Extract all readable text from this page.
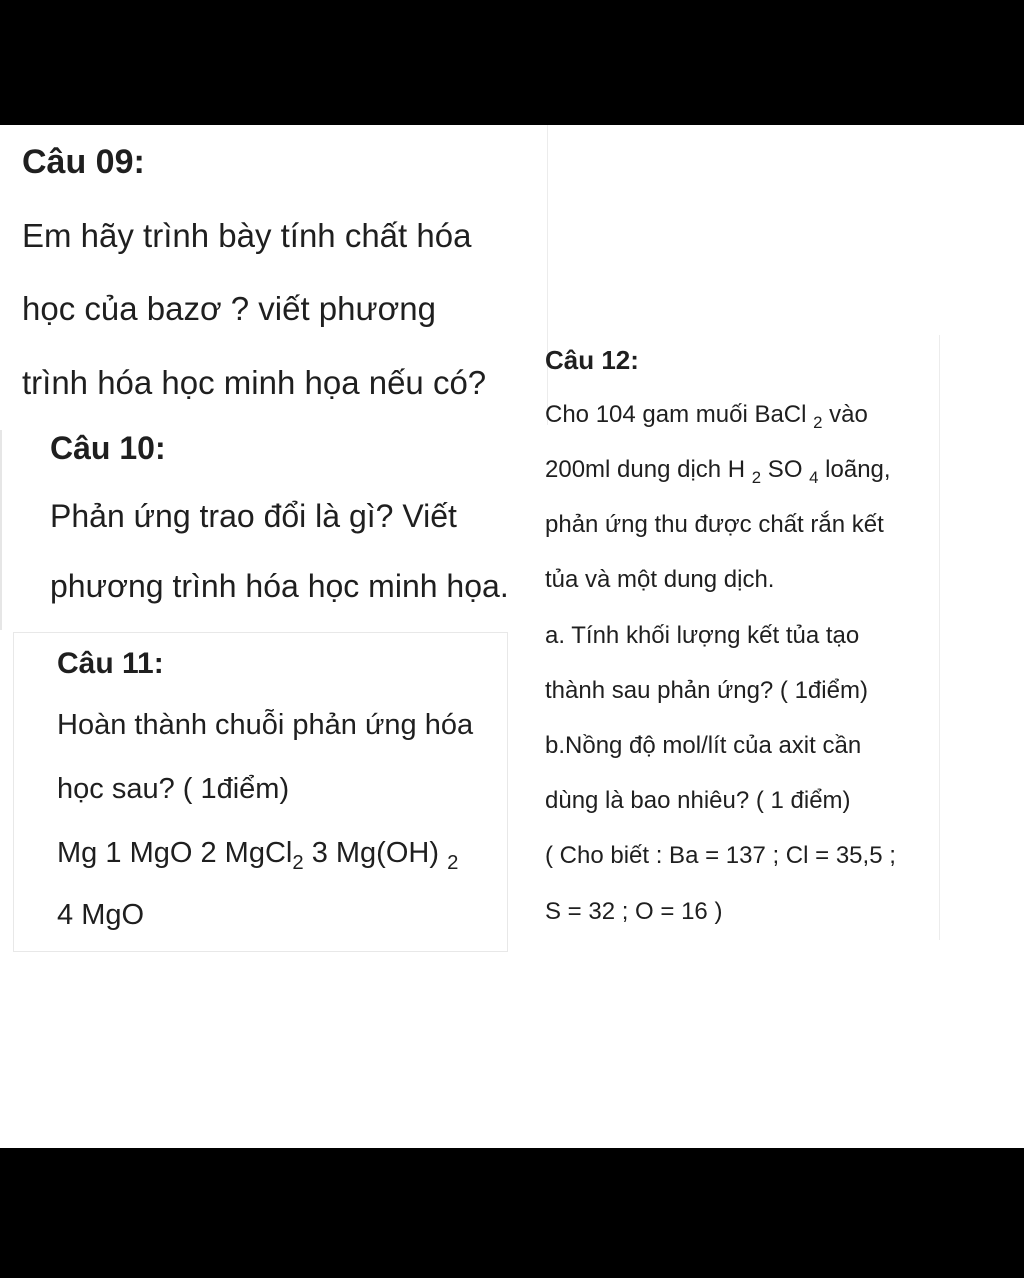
Câu 09:
Em hãy trình bày tính chất hóa
học của bazơ ? viết phương
trình hóa học minh họa nếu có?
Câu 10:
Phản ứng trao đổi là gì? Viết
phương trình hóa học minh họa.
Câu 11:
Hoàn thành chuỗi phản ứng hóa
học sau? ( 1điểm)
Mg 1 MgO 2 MgCl$_2$ 3 Mg(OH) $_2$
4 MgO
Câu 12:
Cho 104 gam muối BaCl $_2$ vào
200ml dung dịch H $_2$ SO $_4$ loãng,
phản ứng thu được chất rắn kết
tủa và một dung dịch.
a. Tính khối lượng kết tủa tạo
thành sau phản ứng? ( 1điểm)
b.Nồng độ mol/lít của axit cần
dùng là bao nhiêu? ( 1 điểm)
( Cho biết : Ba = 137 ; Cl = 35,5 ;
S = 32 ; O = 16 )
